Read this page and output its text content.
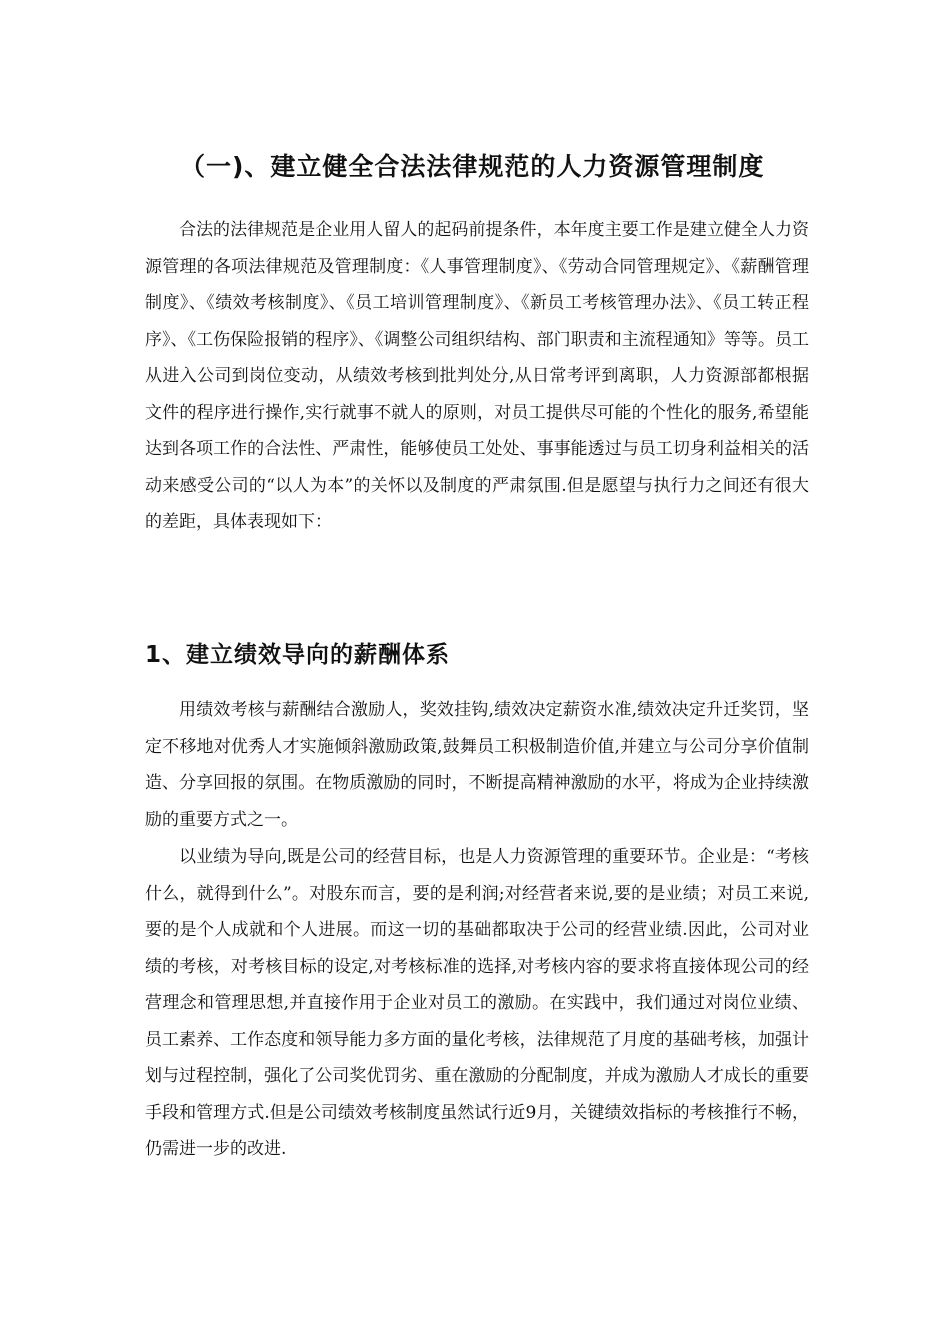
（一)、建立健全合法法律规范的人力资源管理制度

合法的法律规范是企业用人留人的起码前提条件，本年度主要工作是建立健全人力资源管理的各项法律规范及管理制度：《人事管理制度》、《劳动合同管理规定》、《薪酬管理制度》、《绩效考核制度》、《员工培训管理制度》、《新员工考核管理办法》、《员工转正程序》、《工伤保险报销的程序》、《调整公司组织结构、部门职责和主流程通知》等等。员工从进入公司到岗位变动，从绩效考核到批判处分,从日常考评到离职，人力资源部都根据文件的程序进行操作,实行就事不就人的原则，对员工提供尽可能的个性化的服务,希望能达到各项工作的合法性、严肃性，能够使员工处处、事事能透过与员工切身利益相关的活动来感受公司的“以人为本”的关怀以及制度的严肃氛围.但是愿望与执行力之间还有很大的差距，具体表现如下：

1、建立绩效导向的薪酬体系

用绩效考核与薪酬结合激励人，奖效挂钩,绩效决定薪资水准,绩效决定升迁奖罚，坚定不移地对优秀人才实施倾斜激励政策,鼓舞员工积极制造价值,并建立与公司分享价值制造、分享回报的氛围。在物质激励的同时，不断提高精神激励的水平，将成为企业持续激励的重要方式之一。

以业绩为导向,既是公司的经营目标，也是人力资源管理的重要环节。企业是：“考核什么，就得到什么”。对股东而言，要的是利润;对经营者来说,要的是业绩；对员工来说,要的是个人成就和个人进展。而这一切的基础都取决于公司的经营业绩.因此，公司对业绩的考核，对考核目标的设定,对考核标准的选择,对考核内容的要求将直接体现公司的经营理念和管理思想,并直接作用于企业对员工的激励。在实践中，我们通过对岗位业绩、员工素养、工作态度和领导能力多方面的量化考核，法律规范了月度的基础考核，加强计划与过程控制，强化了公司奖优罚劣、重在激励的分配制度，并成为激励人才成长的重要手段和管理方式.但是公司绩效考核制度虽然试行近9月，关键绩效指标的考核推行不畅，仍需进一步的改进.
